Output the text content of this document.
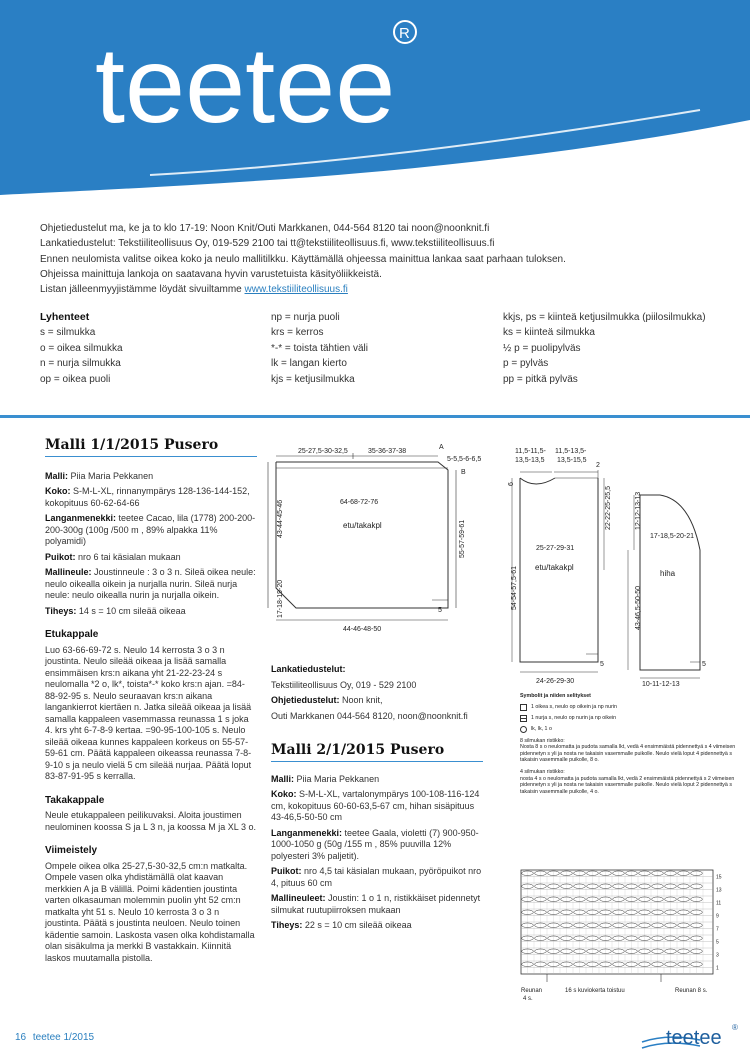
teetee R
Ohjetiedustelut ma, ke ja to klo 17-19: Noon Knit/Outi Markkanen, 044-564 8120 tai noon@noonknit.fi
Lankatiedustelut: Tekstiiliteollisuus Oy, 019-529 2100 tai tt@tekstiiliteollisuus.fi, www.tekstiiliteollisuus.fi
Ennen neulomista valitse oikea koko ja neulo mallitilkku. Käyttämällä ohjeessa mainittua lankaa saat parhaan tuloksen.
Ohjeissa mainittuja lankoja on saatavana hyvin varustetuista käsityöliikkeistä.
Listan jälleenmyyjistämme löydät sivuiltamme www.tekstiiliteollisuus.fi
Lyhenteet
s = silmukka
o = oikea silmukka
n = nurja silmukka
op = oikea puoli
np = nurja puoli
krs = kerros
*-* = toista tähtien väli
lk = langan kierto
kjs = ketjusilmukka
kkjs, ps = kiinteä ketjusilmukka (piilosilmukka)
ks = kiinteä silmukka
½ p = puolipylväs
p = pylväs
pp = pitkä pylväs
Malli 1/1/2015 Pusero

Malli: Piia Maria Pekkanen

Koko: S-M-L-XL, rinnanympärys 128-136-144-152, kokopituus 60-62-64-66

Langanmenekki: teetee Cacao, lila (1778) 200-200-200-300g (100g /500 m , 89% alpakka 11% polyamidi)

Puikot: nro 6 tai käsialan mukaan

Mallineule: Joustinneule : 3 o 3 n. Sileä oikea neule: neulo oikealla oikein ja nurjalla nurin. Sileä nurja neule: neulo oikealla nurin ja nurjalla oikein.

Tiheys: 14 s = 10 cm sileää oikeaa

Etukappale

Luo 63-66-69-72 s. Neulo 14 kerrosta 3 o 3 n joustinta. Neulo sileää oikeaa ja lisää samalla ensimmäisen krs:n aikana yht 21-22-23-24 s neulomalla *2 o, lk*, toista*-* koko krs:n ajan. =84-88-92-95 s. Neulo seuraavan krs:n aikana langankierrot kiertäen n. Jatka sileää oikeaa ja lisää samalla kappaleen vasemmassa reunassa 1 s joka 4. krs yht 6-7-8-9 kertaa. =90-95-100-105 s. Neulo sileää oikeaa kunnes kappaleen korkeus on 55-57-59-61 cm. Päätä kappaleen oikeassa reunassa 7-8-9-10 s ja neulo vielä 5 cm sileää nurjaa. Päätä loput 83-87-91-95 s kerralla.

Takakappale

Neule etukappaleen peilikuvaksi. Aloita joustimen neulominen koossa S ja L 3 n, ja koossa M ja XL 3 o.

Viimeistely

Ompele oikea olka 25-27,5-30-32,5 cm:n matkalta. Ompele vasen olka yhdistämällä olat kaavan merkkien A ja B välillä. Poimi kädentien joustinta varten olkasauman molemmin puolin yht 52 cm:n matkalta yht 51 s. Neulo 10 kerrosta 3 o 3 n joustinta. Päätä s joustinta neuloen. Neulo toinen kädentie samoin. Laskosta vasen olka kohdistamalla olan sisäkulma ja merkki B vastakkain. Kiinnitä laskos muutamalla pistolla.

25-27,5-30-32,5	35-36-37-38
A
B
5-5,5-6-6,5
64-68-72-76
etu/takakpl
43-44-45-46
55-57-59-61
17-18-19-20
44-46-48-50
5
11,5-11,5-
13,5-13,5
11,5-13,5-
13,5-15,5
2
6
22-22-25-25,5
25-27-29-31
etu/takakpl
54-54-57,5-61
24-26-29-30
5
12-12-13-13
17-18,5-20-21
hiha
43-46,5-50-50
10-11-12-13
5

Lankatiedustelut:

Tekstiiliteollisuus Oy, 019 - 529 2100

Ohjetiedustelut: Noon knit,

Outi Markkanen 044-564 8120, noon@noonknit.fi

Malli 2/1/2015 Pusero

Malli: Piia Maria Pekkanen

Koko: S-M-L-XL, vartalonympärys 100-108-116-124 cm, kokopituus 60-60-63,5-67 cm, hihan sisäpituus 43-46,5-50-50 cm

Langanmenekki: teetee Gaala, violetti (7) 900-950-1000-1050 g (50g /155 m , 85% puuvilla 12% polyesteri 3% paljetit).

Puikot: nro 4,5 tai käsialan mukaan, pyöröpuikot nro 4, pituus 60 cm

Mallineuleet: Joustin: 1 o 1 n, ristikkäiset pidennetyt silmukat ruutupiirroksen mukaan

Tiheys: 22 s = 10 cm sileää oikeaa

Symbolit ja niiden selitykset
1 oikea s, neulo op oikein ja np nurin
1 nurja s, neulo op nurin ja np oikein
lk, lk, 1 o
8 silmukan ristikko:
Nosta 8 s o neulomatta ja pudota samalla lkt, vedä 4 ensimmäistä pidennettyä s 4 viimeisen pidennetyn s yli ja nosta ne takaisin vasemmalle puikolle. Neulo vielä loput 4 pidennettyä s takaisin vasemmalle puikolle, 8 o.
4 silmukan ristikko:
nosta 4 s o neulomatta ja pudota samalla lkt, vedä 2 ensimmäistä pidennettyä s 2 viimeisen pidennetyn s yli ja nosta ne takaisin vasemmalle puikolle. Neulo vielä loput 2 pidennettyä s takaisin vasemmalle puikolle, 4 o.
Reunan
4 s.
16 s kuviokerta toistuu	Reunan 8 s.
15
13
11
9
7
5
3
1
16 teetee 1/2015	teetee ®
